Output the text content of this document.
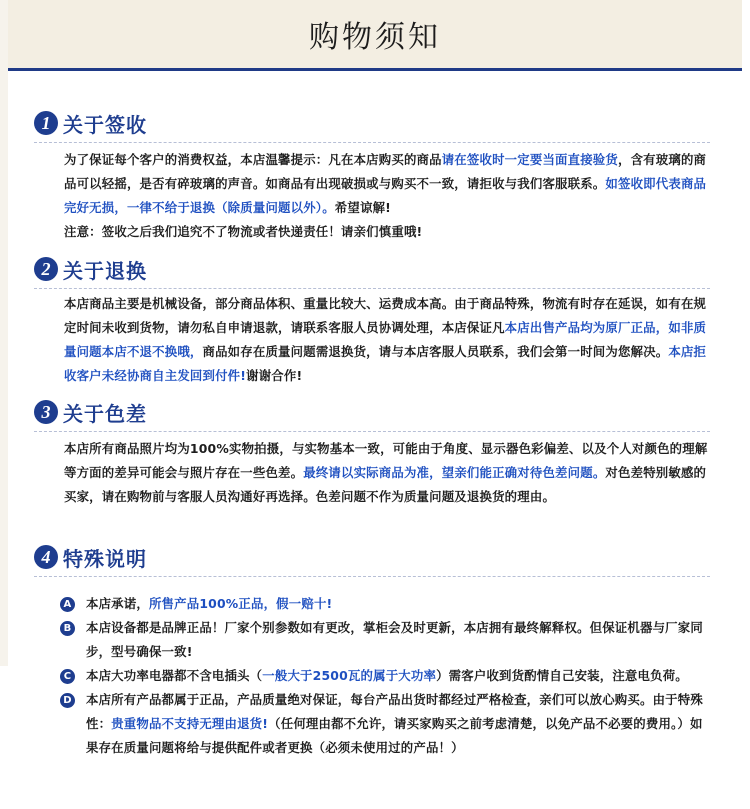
购物须知
1 关于签收
为了保证每个客户的消费权益，本店温馨提示：凡在本店购买的商品请在签收时一定要当面直接验货，含有玻璃的商品可以轻摇，是否有碎玻璃的声音。如商品有出现破损或与购买不一致，请拒收与我们客服联系。如签收即代表商品完好无损，一律不给于退换（除质量问题以外）。希望谅解!
注意：签收之后我们追究不了物流或者快递责任！请亲们慎重哦!
2 关于退换
本店商品主要是机械设备，部分商品体积、重量比较大、运费成本高。由于商品特殊，物流有时存在延误，如有在规定时间未收到货物，请勿私自申请退款，请联系客服人员协调处理，本店保证凡本店出售产品均为原厂正品，如非质量问题本店不退不换哦，商品如存在质量问题需退换货，请与本店客服人员联系，我们会第一时间为您解决。本店拒收客户未经协商自主发回到付件!谢谢合作!
3 关于色差
本店所有商品照片均为100%实物拍摄，与实物基本一致，可能由于角度、显示器色彩偏差、以及个人对颜色的理解等方面的差异可能会与照片存在一些色差。最终请以实际商品为准，望亲们能正确对待色差问题。对色差特别敏感的买家，请在购物前与客服人员沟通好再选择。色差问题不作为质量问题及退换货的理由。
4 特殊说明
A 本店承诺，所售产品100%正品，假一赔十!
B 本店设备都是品牌正品！厂家个别参数如有更改，掌柜会及时更新，本店拥有最终解释权。但保证机器与厂家同步，型号确保一致!
C	本店大功率电器都不含电插头（一般大于2500瓦的属于大功率）需客户收到货酌情自己安装，注意电负荷。
D 本店所有产品都属于正品，产品质量绝对保证，每台产品出货时都经过严格检查，亲们可以放心购买。由于特殊性：贵重物品不支持无理由退货!（任何理由都不允许，请买家购买之前考虑清楚，以免产品不必要的费用。）如果存在质量问题将给与提供配件或者更换（必须未使用过的产品！）
